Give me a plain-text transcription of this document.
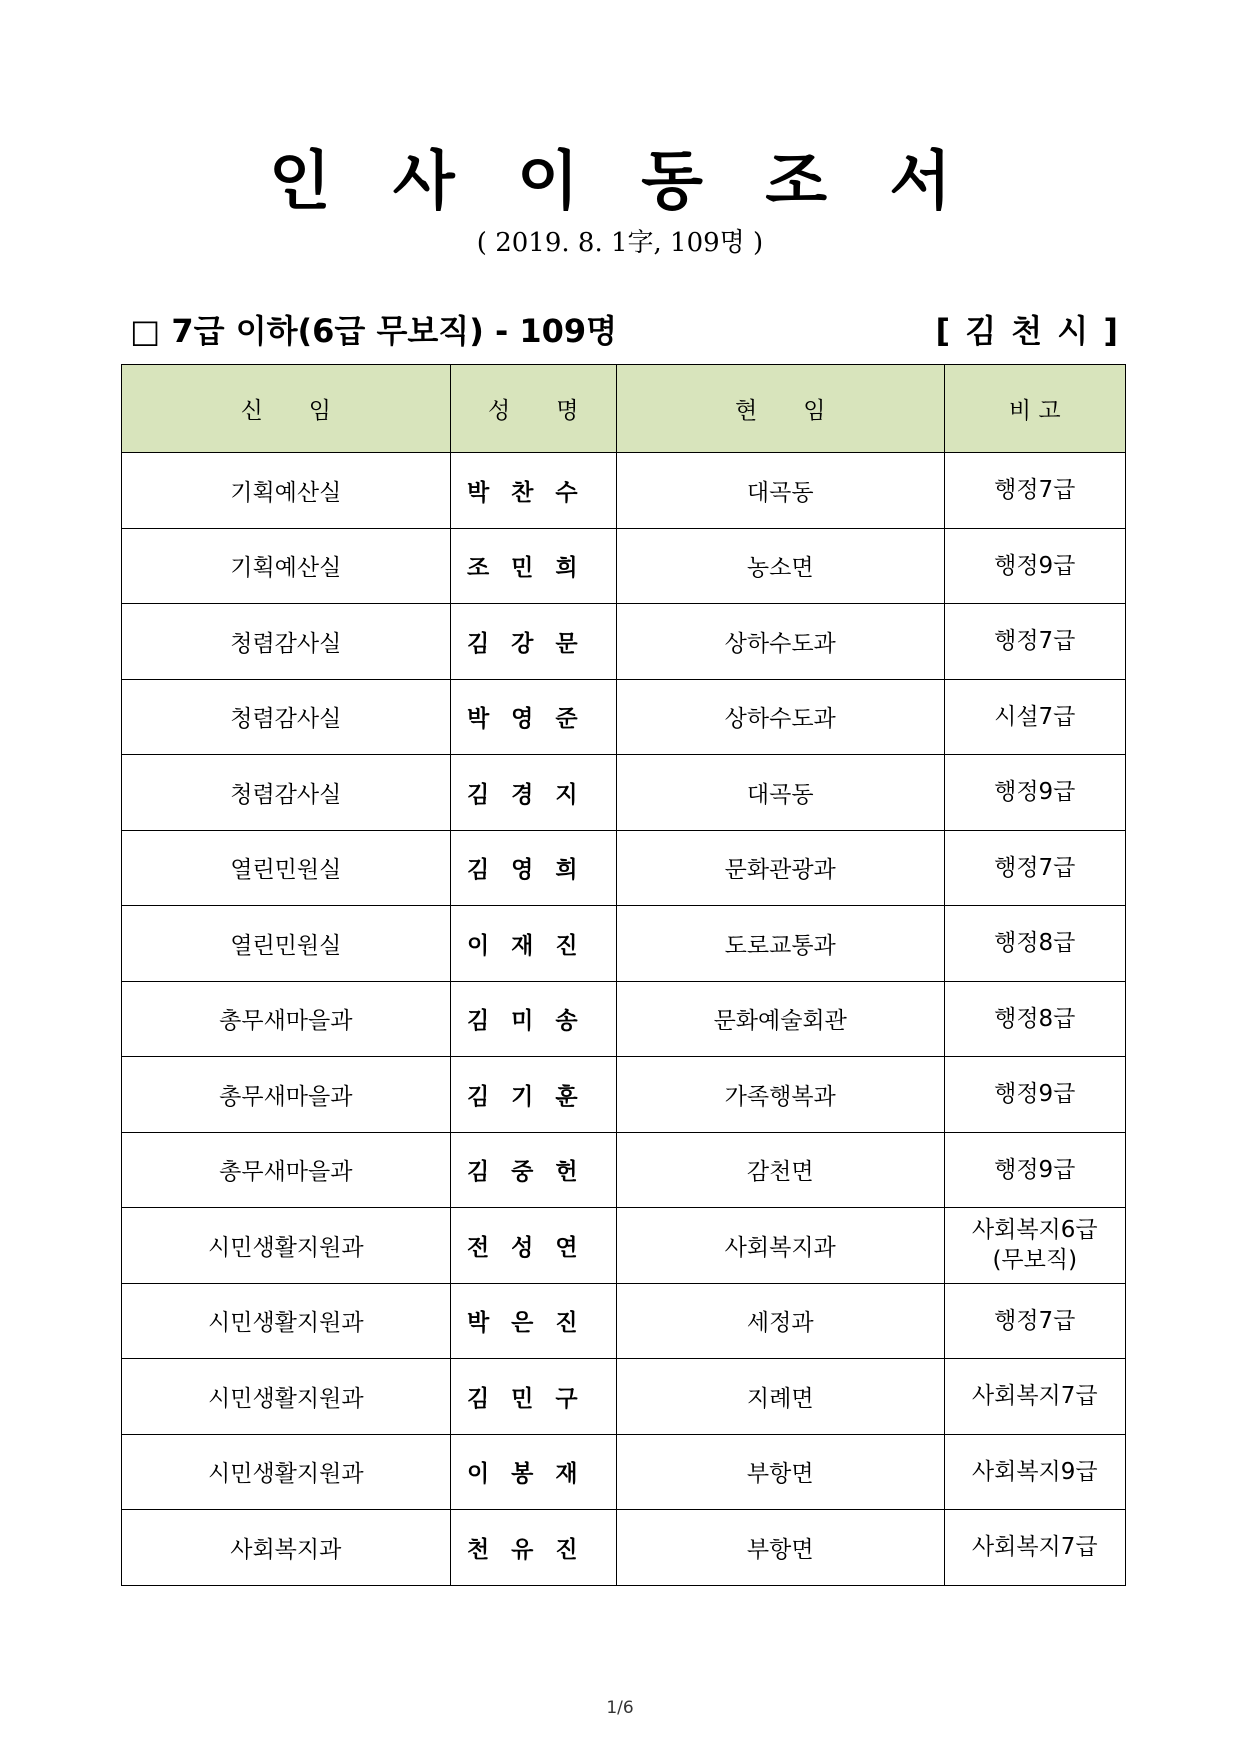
인 사 이 동 조 서
( 2019. 8. 1字, 109명 )
□ 7급 이하(6급 무보직) - 109명	[ 김 천 시 ]
신　　임	성　　명	현　　임	비 고
기획예산실	박찬수	대곡동	행정7급
기획예산실	조민희	농소면	행정9급
청렴감사실	김강문	상하수도과	행정7급
청렴감사실	박영준	상하수도과	시설7급
청렴감사실	김경지	대곡동	행정9급
열린민원실	김영희	문화관광과	행정7급
열린민원실	이재진	도로교통과	행정8급
총무새마을과	김미송	문화예술회관	행정8급
총무새마을과	김기훈	가족행복과	행정9급
총무새마을과	김중헌	감천면	행정9급
시민생활지원과	전성연	사회복지과	사회복지6급
(무보직)

시민생활지원과	박은진	세정과	행정7급
시민생활지원과	김민구	지례면	사회복지7급
시민생활지원과	이봉재	부항면	사회복지9급
사회복지과	천유진	부항면	사회복지7급
1/6
